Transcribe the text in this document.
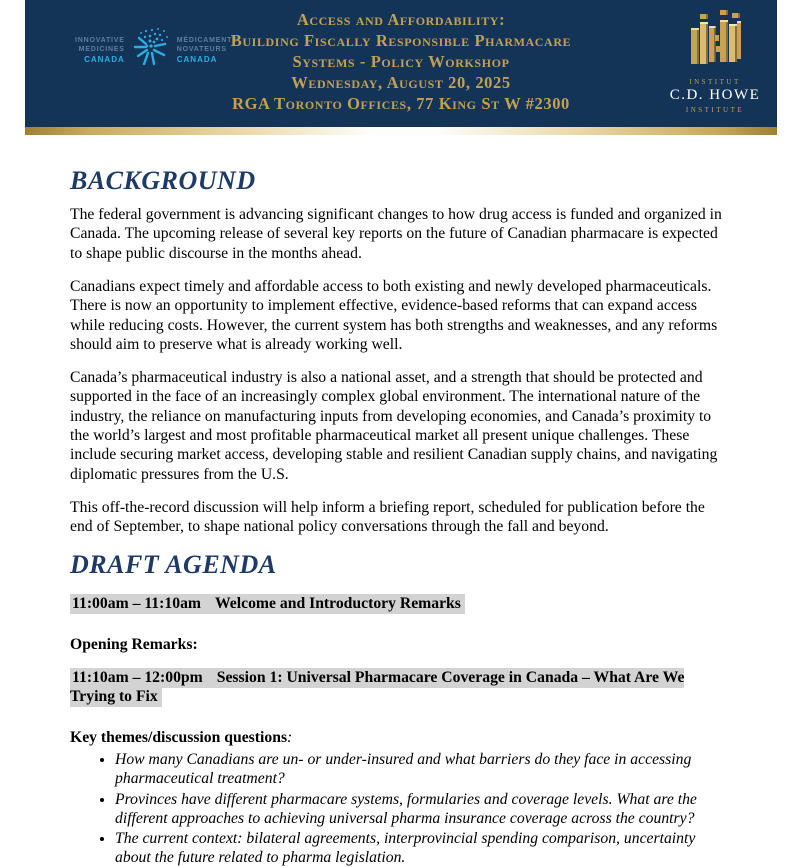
INNOVATIVE
MEDICINES
CANADA
MÉDICAMENTS
NOVATEURS
CANADA
Access and Affordability:
Building Fiscally Responsible Pharmacare
Systems - Policy Workshop
Wednesday, August 20, 2025
RGA Toronto Offices, 77 King St W #2300
INSTITUT
C.D. HOWE
INSTITUTE
BACKGROUND

The federal government is advancing significant changes to how drug access is funded and organized in Canada. The upcoming release of several key reports on the future of Canadian pharmacare is expected to shape public discourse in the months ahead.

Canadians expect timely and affordable access to both existing and newly developed pharmaceuticals. There is now an opportunity to implement effective, evidence-based reforms that can expand access while reducing costs. However, the current system has both strengths and weaknesses, and any reforms should aim to preserve what is already working well.

Canada’s pharmaceutical industry is also a national asset, and a strength that should be protected and supported in the face of an increasingly complex global environment. The international nature of the industry, the reliance on manufacturing inputs from developing economies, and Canada’s proximity to the world’s largest and most profitable pharmaceutical market all present unique challenges. These include securing market access, developing stable and resilient Canadian supply chains, and navigating diplomatic pressures from the U.S.

This off-the-record discussion will help inform a briefing report, scheduled for publication before the end of September, to shape national policy conversations through the fall and beyond.

DRAFT AGENDA
11:00am – 11:10am Welcome and Introductory Remarks
Opening Remarks:
11:10am – 12:00pm Session 1: Universal Pharmacare Coverage in Canada – What Are We Trying to Fix
Key themes/discussion questions:
• How many Canadians are un- or under-insured and what barriers do they face in accessing pharmaceutical treatment?
• Provinces have different pharmacare systems, formularies and coverage levels. What are the different approaches to achieving universal pharma insurance coverage across the country?
• The current context: bilateral agreements, interprovincial spending comparison, uncertainty about the future related to pharma legislation.
